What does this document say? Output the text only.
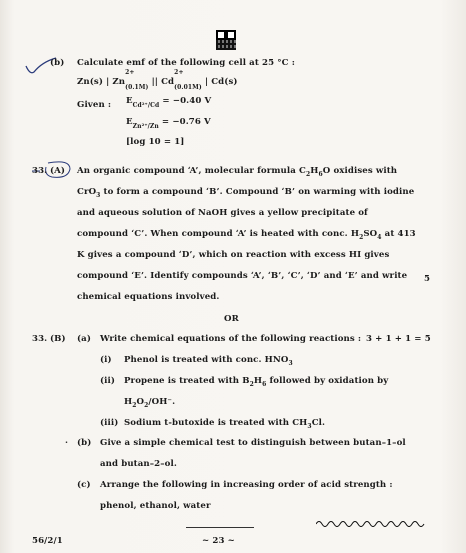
(b) Calculate emf of the following cell at 25 °C :
Zn(s) | Zn
2+
$_{(0.1M)}$ || Cd
2+
$_{(0.01M)}$ | Cd(s)
Given : $E_{Cd^{2+}/Cd} = -0.40$ V
$E_{Zn^{2+}/Zn} = -0.76$ V
[log 10 = 1]
33. (A) An organic compound ‘A’, molecular formula $C_2H_6O$ oxidises with
CrO$_3$ to form a compound ‘B’. Compound ‘B’ on warming with iodine
and aqueous solution of NaOH gives a yellow precipitate of
compound ‘C’. When compound ‘A’ is heated with conc. $H_2SO_4$ at 413
K gives a compound ‘D’, which on reaction with excess HI gives
compound ‘E’. Identify compounds ‘A’, ‘B’, ‘C’, ‘D’ and ‘E’ and write
chemical equations involved.
5
OR
33. (B) (a) Write chemical equations of the following reactions : 3 + 1 + 1 = 5
(i) Phenol is treated with conc. $HNO_3$
(ii) Propene is treated with $B_2H_6$ followed by oxidation by
$H_2O_2/OH^-$.
(iii) Sodium t-butoxide is treated with $CH_3Cl$.
· (b) Give a simple chemical test to distinguish between butan–1–ol
and butan–2–ol.
(c) Arrange the following in increasing order of acid strength :
phenol, ethanol, water
56/2/1	~ 23 ~
